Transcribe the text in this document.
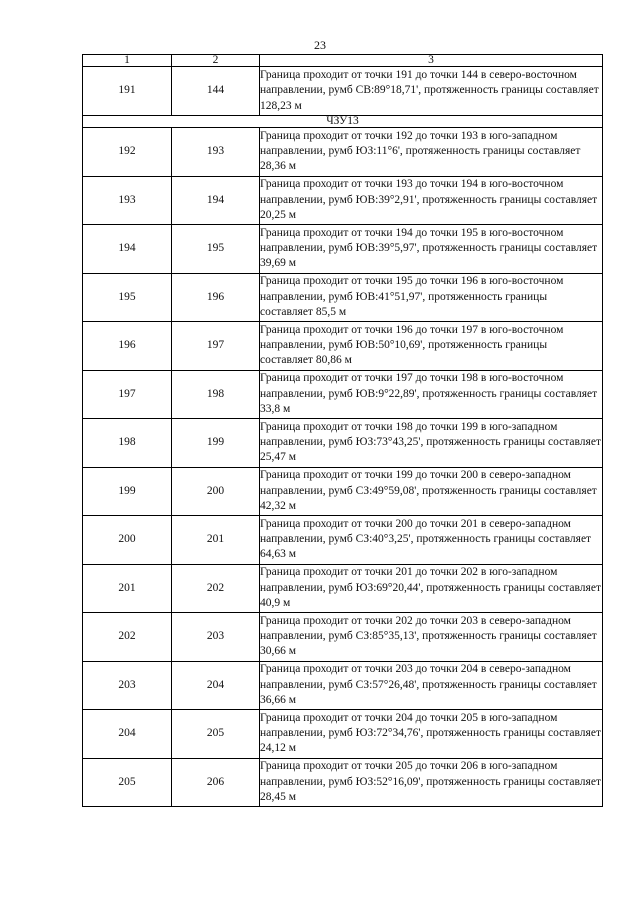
23
1	2	3
191	144	Граница проходит от точки 191 до точки 144 в северо-восточном направлении, румб СВ:89°18,71', протяженность границы составляет 128,23 м
ЧЗУ13		
192	193	Граница проходит от точки 192 до точки 193 в юго-западном направлении, румб ЮЗ:11°6', протяженность границы составляет 28,36 м
193	194	Граница проходит от точки 193 до точки 194 в юго-восточном направлении, румб ЮВ:39°2,91', протяженность границы составляет 20,25 м
194	195	Граница проходит от точки 194 до точки 195 в юго-восточном направлении, румб ЮВ:39°5,97', протяженность границы составляет 39,69 м
195	196	Граница проходит от точки 195 до точки 196 в юго-восточном направлении, румб ЮВ:41°51,97', протяженность границы составляет 85,5 м
196	197	Граница проходит от точки 196 до точки 197 в юго-восточном направлении, румб ЮВ:50°10,69', протяженность границы составляет 80,86 м
197	198	Граница проходит от точки 197 до точки 198 в юго-восточном направлении, румб ЮВ:9°22,89', протяженность границы составляет 33,8 м
198	199	Граница проходит от точки 198 до точки 199 в юго-западном направлении, румб ЮЗ:73°43,25', протяженность границы составляет 25,47 м
199	200	Граница проходит от точки 199 до точки 200 в северо-западном направлении, румб СЗ:49°59,08', протяженность границы составляет 42,32 м
200	201	Граница проходит от точки 200 до точки 201 в северо-западном направлении, румб СЗ:40°3,25', протяженность границы составляет 64,63 м
201	202	Граница проходит от точки 201 до точки 202 в юго-западном направлении, румб ЮЗ:69°20,44', протяженность границы составляет 40,9 м
202	203	Граница проходит от точки 202 до точки 203 в северо-западном направлении, румб СЗ:85°35,13', протяженность границы составляет 30,66 м
203	204	Граница проходит от точки 203 до точки 204 в северо-западном направлении, румб СЗ:57°26,48', протяженность границы составляет 36,66 м
204	205	Граница проходит от точки 204 до точки 205 в юго-западном направлении, румб ЮЗ:72°34,76', протяженность границы составляет 24,12 м
205	206	Граница проходит от точки 205 до точки 206 в юго-западном направлении, румб ЮЗ:52°16,09', протяженность границы составляет 28,45 м
